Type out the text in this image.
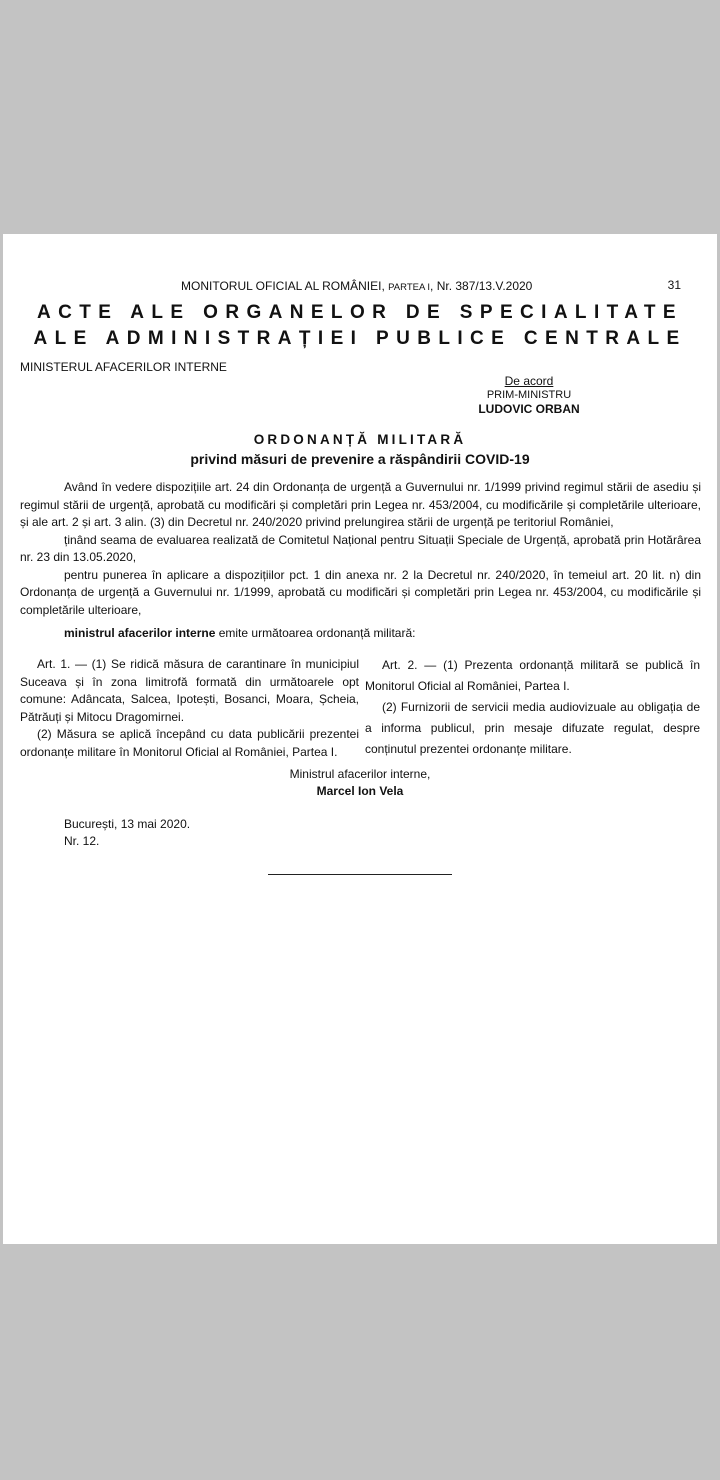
MONITORUL OFICIAL AL ROMÂNIEI, PARTEA I, Nr. 387/13.V.2020	31
ACTE ALE ORGANELOR DE SPECIALITATE
ALE ADMINISTRAȚIEI PUBLICE CENTRALE
MINISTERUL AFACERILOR INTERNE
De acord
PRIM-MINISTRU
LUDOVIC ORBAN
ORDONANȚĂ MILITARĂ
privind măsuri de prevenire a răspândirii COVID-19

Având în vedere dispozițiile art. 24 din Ordonanța de urgență a Guvernului nr. 1/1999 privind regimul stării de asediu și regimul stării de urgență, aprobată cu modificări și completări prin Legea nr. 453/2004, cu modificările și completările ulterioare, și ale art. 2 și art. 3 alin. (3) din Decretul nr. 240/2020 privind prelungirea stării de urgență pe teritoriul României,

ținând seama de evaluarea realizată de Comitetul Național pentru Situații Speciale de Urgență, aprobată prin Hotărârea nr. 23 din 13.05.2020,

pentru punerea în aplicare a dispozițiilor pct. 1 din anexa nr. 2 la Decretul nr. 240/2020, în temeiul art. 20 lit. n) din Ordonanța de urgență a Guvernului nr. 1/1999, aprobată cu modificări și completări prin Legea nr. 453/2004, cu modificările și completările ulterioare,

ministrul afacerilor interne emite următoarea ordonanță militară:

Art. 1. — (1) Se ridică măsura de carantinare în municipiul Suceava și în zona limitrofă formată din următoarele opt comune: Adâncata, Salcea, Ipotești, Bosanci, Moara, Șcheia, Pătrăuți și Mitocu Dragomirnei.

(2) Măsura se aplică începând cu data publicării prezentei ordonanțe militare în Monitorul Oficial al României, Partea I.

Art. 2. — (1) Prezenta ordonanță militară se publică în Monitorul Oficial al României, Partea I.

(2) Furnizorii de servicii media audiovizuale au obligația de a informa publicul, prin mesaje difuzate regulat, despre conținutul prezentei ordonanțe militare.

Ministrul afacerilor interne,
Marcel Ion Vela
București, 13 mai 2020.
Nr. 12.
